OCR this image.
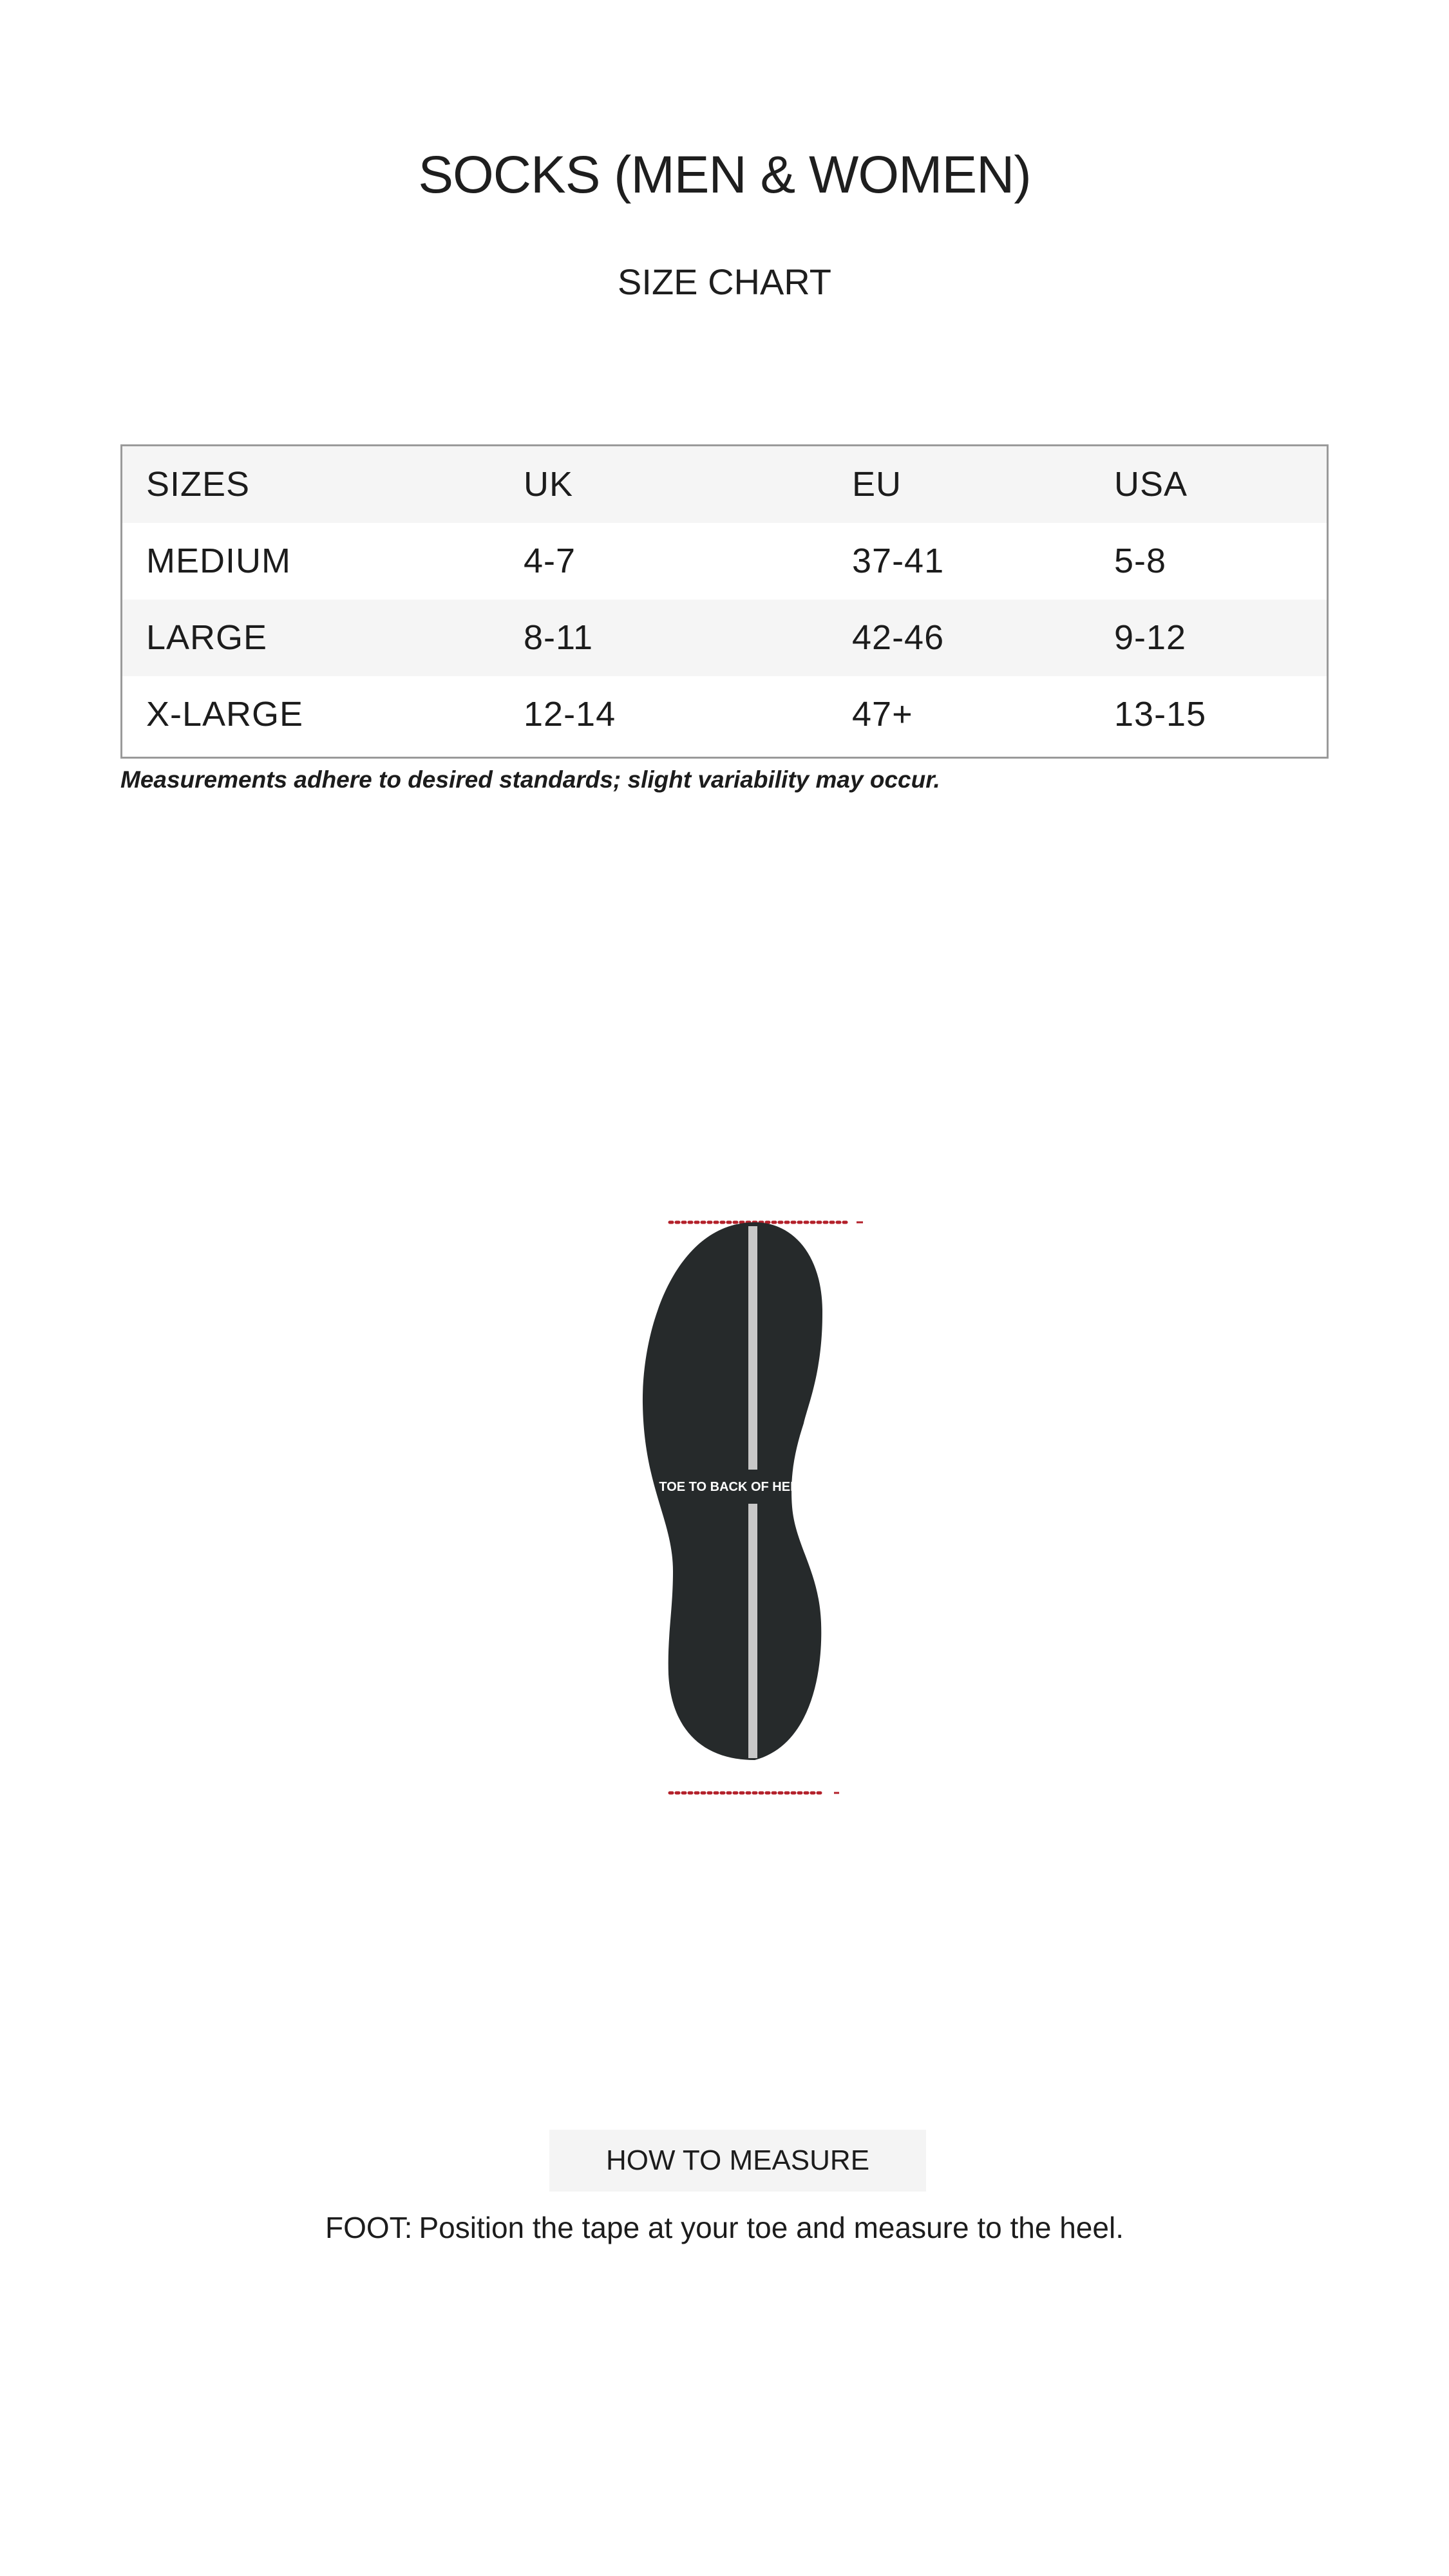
SOCKS (MEN & WOMEN)
SIZE CHART
SIZES	UK	EU	USA
MEDIUM	4-7	37-41	5-8
LARGE	8-11	42-46	9-12
X-LARGE	12-14	47+	13-15
Measurements adhere to desired standards; slight variability may occur.
TOE TO BACK OF HEEL
HOW TO MEASURE
FOOT: Position the tape at your toe and measure to the heel.
